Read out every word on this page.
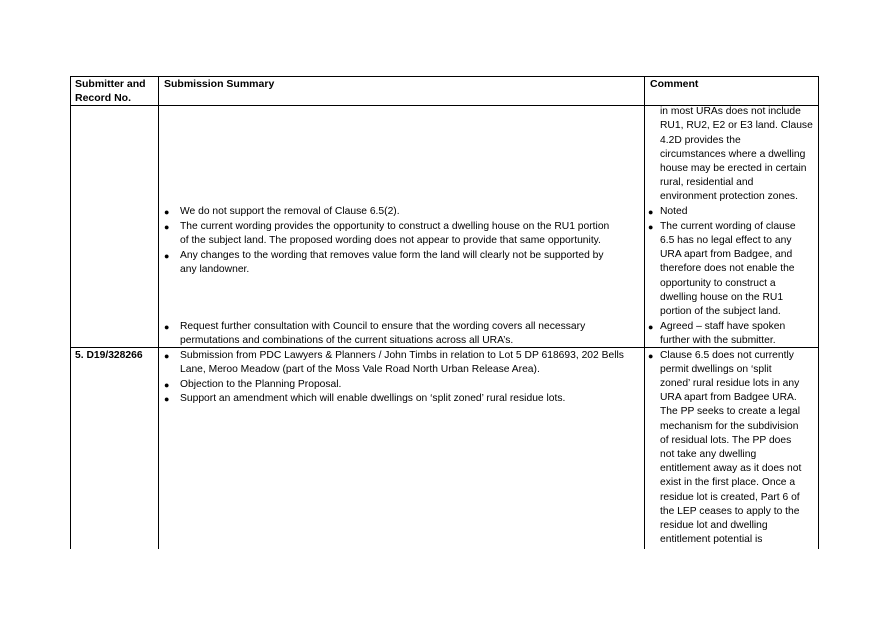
Submitter and
Record No.
Submission Summary	Comment
in most URAs does not include
RU1, RU2, E2 or E3 land. Clause
4.2D provides the
circumstances where a dwelling
house may be erected in certain
rural, residential and
environment protection zones.
● We do not support the removal of Clause 6.5(2).
● The current wording provides the opportunity to construct a dwelling house on the RU1 portion
of the subject land. The proposed wording does not appear to provide that same opportunity.
● Any changes to the wording that removes value form the land will clearly not be supported by
any landowner.
● Request further consultation with Council to ensure that the wording covers all necessary
permutations and combinations of the current situations across all URA’s.
● Noted
● The current wording of clause
6.5 has no legal effect to any
URA apart from Badgee, and
therefore does not enable the
opportunity to construct a
dwelling house on the RU1
portion of the subject land.
● Agreed – staff have spoken
further with the submitter.
5. D19/328266 ● Submission from PDC Lawyers & Planners / John Timbs in relation to Lot 5 DP 618693, 202 Bells
Lane, Meroo Meadow (part of the Moss Vale Road North Urban Release Area).
● Objection to the Planning Proposal.
● Support an amendment which will enable dwellings on ‘split zoned’ rural residue lots.
● Clause 6.5 does not currently
permit dwellings on ‘split
zoned’ rural residue lots in any
URA apart from Badgee URA.
The PP seeks to create a legal
mechanism for the subdivision
of residual lots. The PP does
not take any dwelling
entitlement away as it does not
exist in the first place. Once a
residue lot is created, Part 6 of
the LEP ceases to apply to the
residue lot and dwelling
entitlement potential is
